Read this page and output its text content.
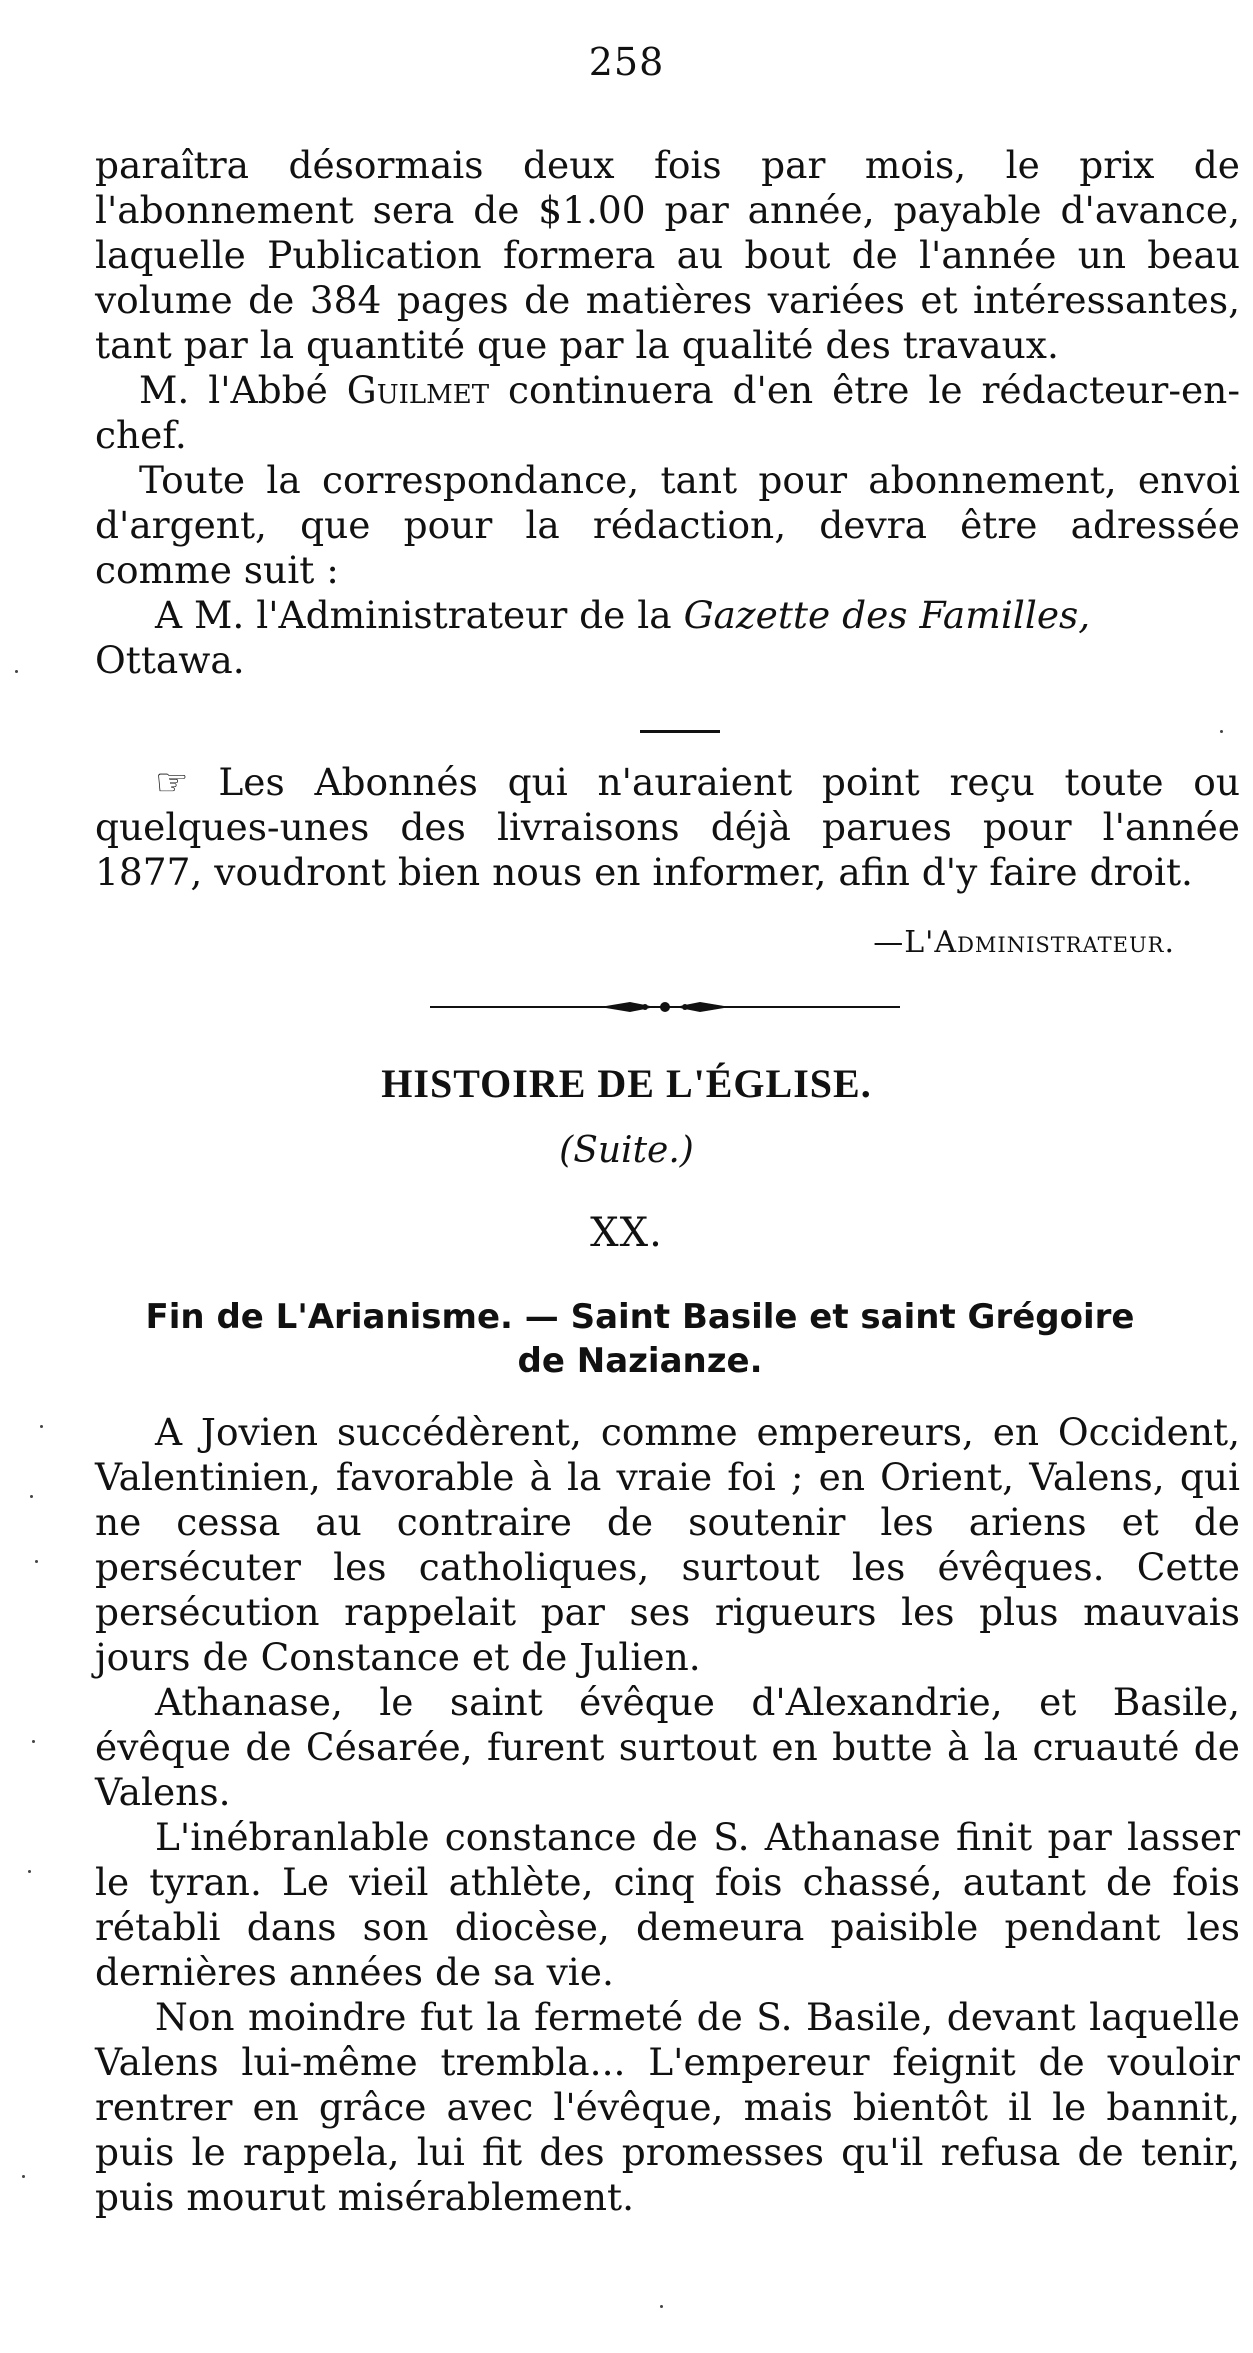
258

paraîtra désormais deux fois par mois, le prix de l'abonnement sera de $1.00 par année, payable d'avance, laquelle Publication formera au bout de l'année un beau volume de 384 pages de matières variées et intéressantes, tant par la quantité que par la qualité des travaux.

M. l'Abbé Guilmet continuera d'en être le rédacteur-en-chef.

Toute la correspondance, tant pour abonnement, envoi d'argent, que pour la rédaction, devra être adressée comme suit :

A M. l'Administrateur de la Gazette des Familles,

Ottawa.

☞ Les Abonnés qui n'auraient point reçu toute ou quelques-unes des livraisons déjà parues pour l'année 1877, voudront bien nous en informer, afin d'y faire droit.

—L'Administrateur.
HISTOIRE DE L'ÉGLISE.
(Suite.)
XX.
Fin de L'Arianisme. — Saint Basile et saint Grégoire
de Nazianze.

A Jovien succédèrent, comme empereurs, en Occident, Valentinien, favorable à la vraie foi ; en Orient, Valens, qui ne cessa au contraire de soutenir les ariens et de persécuter les catholiques, surtout les évêques. Cette persécution rappelait par ses rigueurs les plus mauvais jours de Constance et de Julien.

Athanase, le saint évêque d'Alexandrie, et Basile, évêque de Césarée, furent surtout en butte à la cruauté de Valens.

L'inébranlable constance de S. Athanase finit par lasser le tyran. Le vieil athlète, cinq fois chassé, autant de fois rétabli dans son diocèse, demeura paisible pendant les dernières années de sa vie.

Non moindre fut la fermeté de S. Basile, devant laquelle Valens lui-même trembla... L'empereur feignit de vouloir rentrer en grâce avec l'évêque, mais bientôt il le bannit, puis le rappela, lui fit des promesses qu'il refusa de tenir, puis mourut misérablement.
